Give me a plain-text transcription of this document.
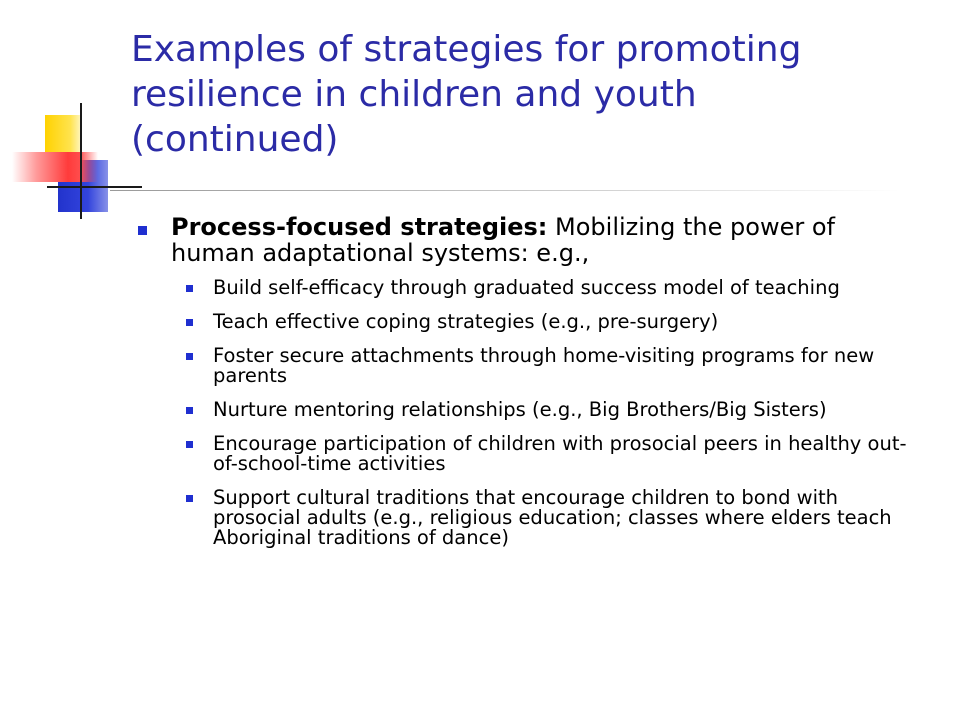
Examples of strategies for promoting
resilience in children and youth
(continued)
Process-focused strategies: Mobilizing the power of human adaptational systems: e.g.,
Build self-efficacy through graduated success model of teaching
Teach effective coping strategies (e.g., pre-surgery)
Foster secure attachments through home-visiting programs for new parents
Nurture mentoring relationships (e.g., Big Brothers/Big Sisters)
Encourage participation of children with prosocial peers in healthy out-of-school-time activities
Support cultural traditions that encourage children to bond with prosocial adults (e.g., religious education; classes where elders teach Aboriginal traditions of dance)
